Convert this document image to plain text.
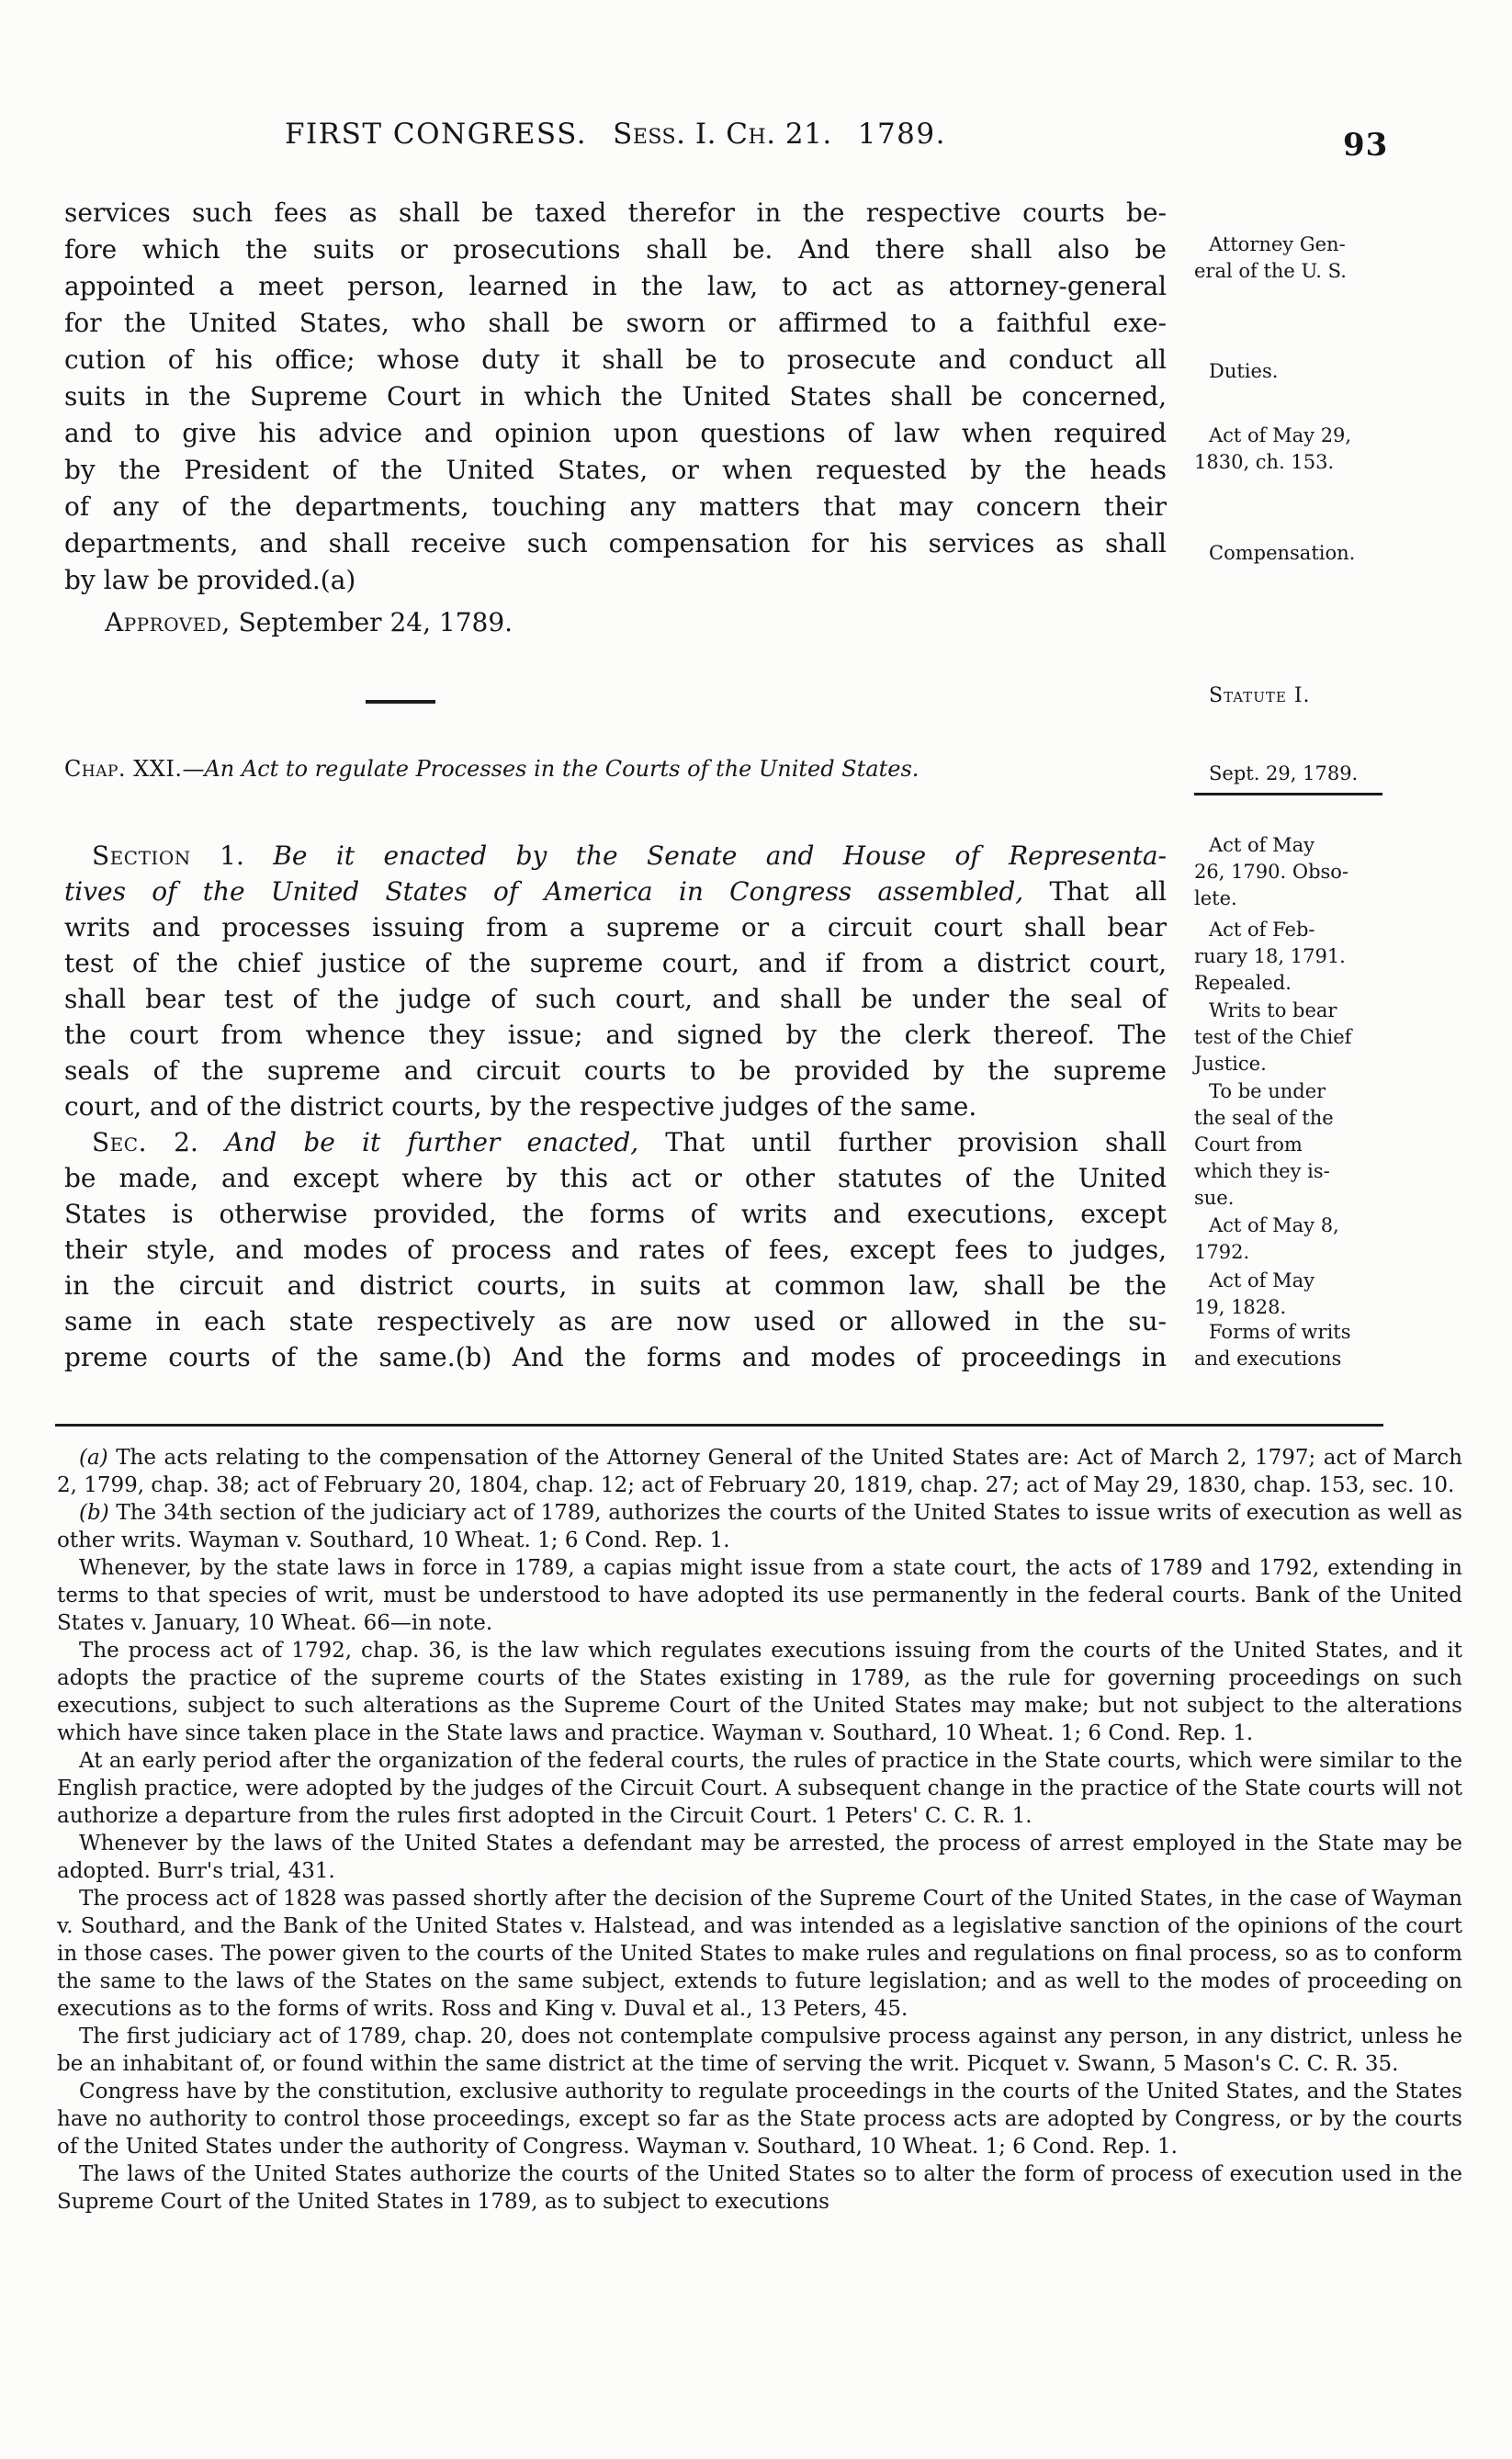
FIRST CONGRESS. Sess. I. Ch. 21. 1789.	93
services such fees as shall be taxed therefor in the respective courts be-
fore which the suits or prosecutions shall be. And there shall also be
appointed a meet person, learned in the law, to act as attorney-general
for the United States, who shall be sworn or affirmed to a faithful exe-
cution of his office; whose duty it shall be to prosecute and conduct all
suits in the Supreme Court in which the United States shall be concerned,
and to give his advice and opinion upon questions of law when required
by the President of the United States, or when requested by the heads
of any of the departments, touching any matters that may concern their
departments, and shall receive such compensation for his services as shall
by law be provided.(a)
Approved, September 24, 1789.
Chap. XXI.—An Act to regulate Processes in the Courts of the United States.
Section 1. Be it enacted by the Senate and House of Representa-
tives of the United States of America in Congress assembled, That all
writs and processes issuing from a supreme or a circuit court shall bear
test of the chief justice of the supreme court, and if from a district court,
shall bear test of the judge of such court, and shall be under the seal of
the court from whence they issue; and signed by the clerk thereof. The
seals of the supreme and circuit courts to be provided by the supreme
court, and of the district courts, by the respective judges of the same.
Sec. 2. And be it further enacted, That until further provision shall
be made, and except where by this act or other statutes of the United
States is otherwise provided, the forms of writs and executions, except
their style, and modes of process and rates of fees, except fees to judges,
in the circuit and district courts, in suits at common law, shall be the
same in each state respectively as are now used or allowed in the su-
preme courts of the same.(b) And the forms and modes of proceedings in
Attorney Gen-
eral of the U. S.
Duties.
Act of May 29,
1830, ch. 153.
Compensation.
Statute I.
Sept. 29, 1789.
Act of May
26, 1790. Obso-
lete.
Act of Feb-
ruary 18, 1791.
Repealed.
Writs to bear
test of the Chief
Justice.
To be under
the seal of the
Court from
which they is-
sue.
Act of May 8,
1792.
Act of May
19, 1828.
Forms of writs
and executions

(a) The acts relating to the compensation of the Attorney General of the United States are: Act of March 2, 1797; act of March 2, 1799, chap. 38; act of February 20, 1804, chap. 12; act of February 20, 1819, chap. 27; act of May 29, 1830, chap. 153, sec. 10.

(b) The 34th section of the judiciary act of 1789, authorizes the courts of the United States to issue writs of execution as well as other writs. Wayman v. Southard, 10 Wheat. 1; 6 Cond. Rep. 1.

Whenever, by the state laws in force in 1789, a capias might issue from a state court, the acts of 1789 and 1792, extending in terms to that species of writ, must be understood to have adopted its use permanently in the federal courts. Bank of the United States v. January, 10 Wheat. 66—in note.

The process act of 1792, chap. 36, is the law which regulates executions issuing from the courts of the United States, and it adopts the practice of the supreme courts of the States existing in 1789, as the rule for governing proceedings on such executions, subject to such alterations as the Supreme Court of the United States may make; but not subject to the alterations which have since taken place in the State laws and practice. Wayman v. Southard, 10 Wheat. 1; 6 Cond. Rep. 1.

At an early period after the organization of the federal courts, the rules of practice in the State courts, which were similar to the English practice, were adopted by the judges of the Circuit Court. A subsequent change in the practice of the State courts will not authorize a departure from the rules first adopted in the Circuit Court. 1 Peters' C. C. R. 1.

Whenever by the laws of the United States a defendant may be arrested, the process of arrest employed in the State may be adopted. Burr's trial, 431.

The process act of 1828 was passed shortly after the decision of the Supreme Court of the United States, in the case of Wayman v. Southard, and the Bank of the United States v. Halstead, and was intended as a legislative sanction of the opinions of the court in those cases. The power given to the courts of the United States to make rules and regulations on final process, so as to conform the same to the laws of the States on the same subject, extends to future legislation; and as well to the modes of proceeding on executions as to the forms of writs. Ross and King v. Duval et al., 13 Peters, 45.

The first judiciary act of 1789, chap. 20, does not contemplate compulsive process against any person, in any district, unless he be an inhabitant of, or found within the same district at the time of serving the writ. Picquet v. Swann, 5 Mason's C. C. R. 35.

Congress have by the constitution, exclusive authority to regulate proceedings in the courts of the United States, and the States have no authority to control those proceedings, except so far as the State process acts are adopted by Congress, or by the courts of the United States under the authority of Congress. Wayman v. Southard, 10 Wheat. 1; 6 Cond. Rep. 1.

The laws of the United States authorize the courts of the United States so to alter the form of process of execution used in the Supreme Court of the United States in 1789, as to subject to executions
